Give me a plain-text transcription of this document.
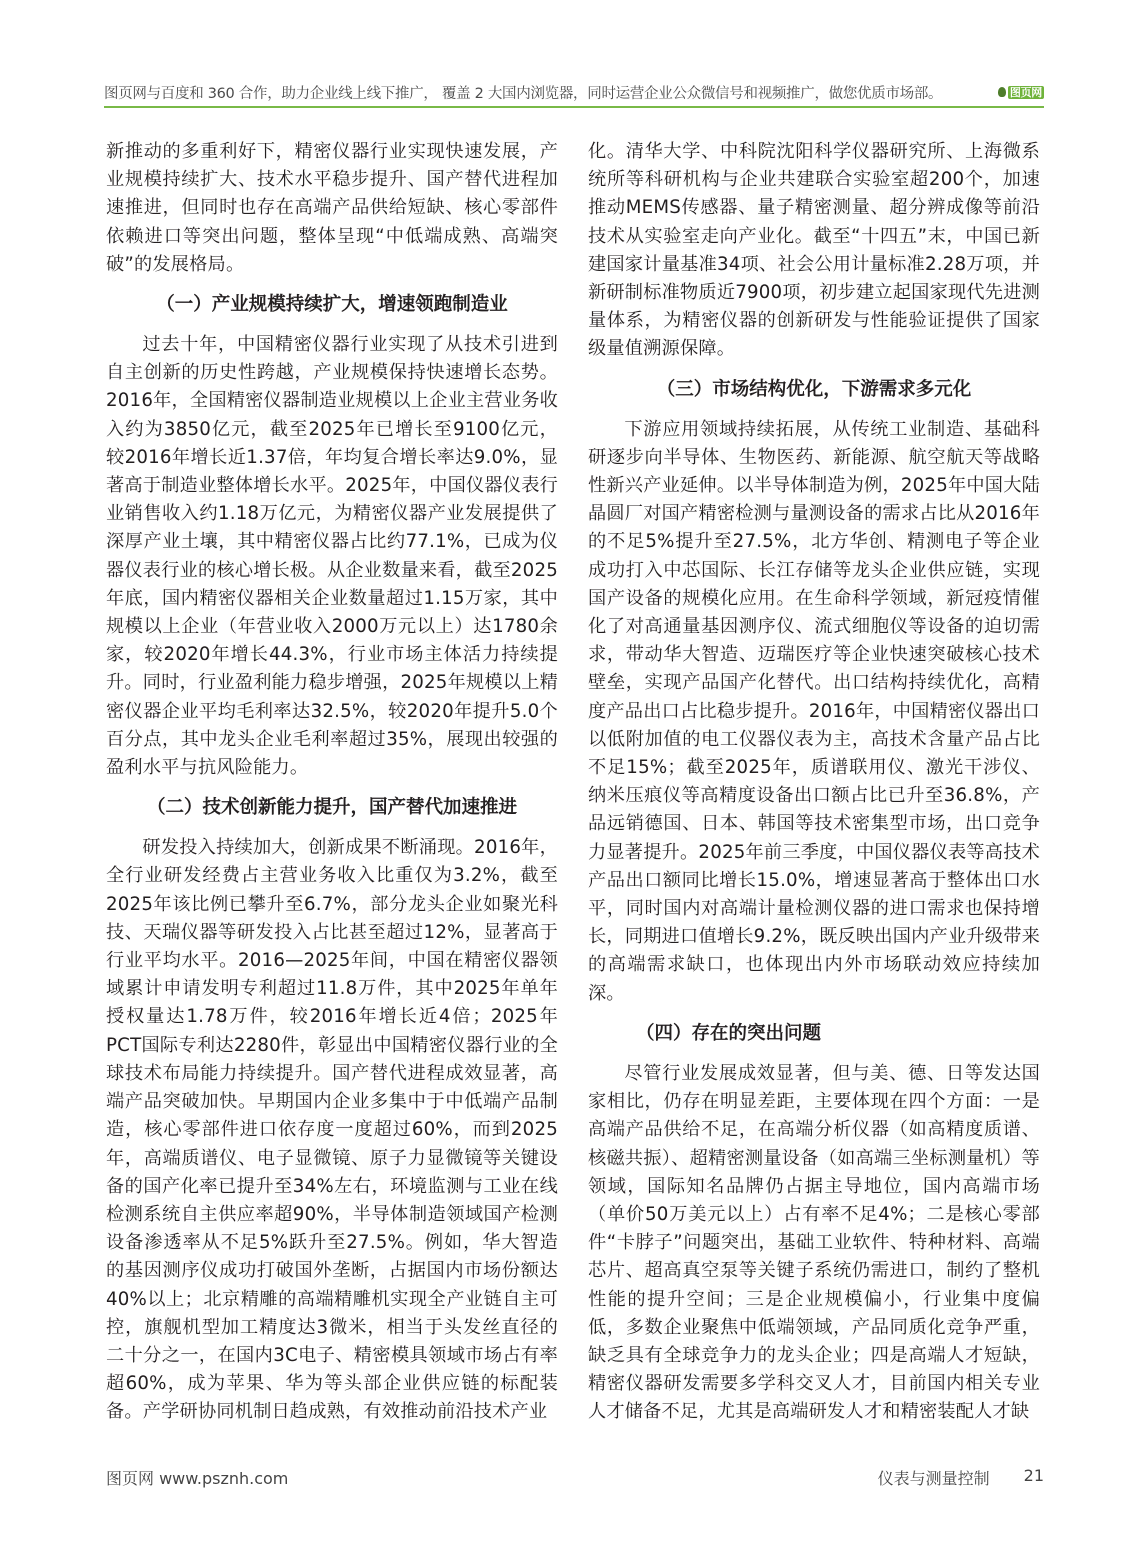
图页网与百度和 360 合作，助力企业线上线下推广， 覆盖 2 大国内浏览器，同时运营企业公众微信号和视频推广，做您优质市场部。	图页网

新推动的多重利好下，精密仪器行业实现快速发展，产业规模持续扩大、技术水平稳步提升、国产替代进程加速推进，但同时也存在高端产品供给短缺、核心零部件依赖进口等突出问题，整体呈现“中低端成熟、高端突破”的发展格局。

（一）产业规模持续扩大，增速领跑制造业

过去十年，中国精密仪器行业实现了从技术引进到自主创新的历史性跨越，产业规模保持快速增长态势。2016年，全国精密仪器制造业规模以上企业主营业务收入约为3850亿元，截至2025年已增长至9100亿元，较2016年增长近1.37倍，年均复合增长率达9.0%，显著高于制造业整体增长水平。2025年，中国仪器仪表行业销售收入约1.18万亿元，为精密仪器产业发展提供了深厚产业土壤，其中精密仪器占比约77.1%，已成为仪器仪表行业的核心增长极。从企业数量来看，截至2025年底，国内精密仪器相关企业数量超过1.15万家，其中规模以上企业（年营业收入2000万元以上）达1780余家，较2020年增长44.3%，行业市场主体活力持续提升。同时，行业盈利能力稳步增强，2025年规模以上精密仪器企业平均毛利率达32.5%，较2020年提升5.0个百分点，其中龙头企业毛利率超过35%，展现出较强的盈利水平与抗风险能力。

（二）技术创新能力提升，国产替代加速推进

研发投入持续加大，创新成果不断涌现。2016年，全行业研发经费占主营业务收入比重仅为3.2%，截至2025年该比例已攀升至6.7%，部分龙头企业如聚光科技、天瑞仪器等研发投入占比甚至超过12%，显著高于行业平均水平。2016—2025年间，中国在精密仪器领域累计申请发明专利超过11.8万件，其中2025年单年授权量达1.78万件，较2016年增长近4倍；2025年PCT国际专利达2280件，彰显出中国精密仪器行业的全球技术布局能力持续提升。国产替代进程成效显著，高端产品突破加快。早期国内企业多集中于中低端产品制造，核心零部件进口依存度一度超过60%，而到2025年，高端质谱仪、电子显微镜、原子力显微镜等关键设备的国产化率已提升至34%左右，环境监测与工业在线检测系统自主供应率超90%，半导体制造领域国产检测设备渗透率从不足5%跃升至27.5%。例如，华大智造的基因测序仪成功打破国外垄断，占据国内市场份额达40%以上；北京精雕的高端精雕机实现全产业链自主可控，旗舰机型加工精度达3微米，相当于头发丝直径的二十分之一，在国内3C电子、精密模具领域市场占有率超60%，成为苹果、华为等头部企业供应链的标配装备。产学研协同机制日趋成熟，有效推动前沿技术产业

化。清华大学、中科院沈阳科学仪器研究所、上海微系统所等科研机构与企业共建联合实验室超200个，加速推动MEMS传感器、量子精密测量、超分辨成像等前沿技术从实验室走向产业化。截至“十四五”末，中国已新建国家计量基准34项、社会公用计量标准2.28万项，并新研制标准物质近7900项，初步建立起国家现代先进测量体系，为精密仪器的创新研发与性能验证提供了国家级量值溯源保障。

（三）市场结构优化，下游需求多元化

下游应用领域持续拓展，从传统工业制造、基础科研逐步向半导体、生物医药、新能源、航空航天等战略性新兴产业延伸。以半导体制造为例，2025年中国大陆晶圆厂对国产精密检测与量测设备的需求占比从2016年的不足5%提升至27.5%，北方华创、精测电子等企业成功打入中芯国际、长江存储等龙头企业供应链，实现国产设备的规模化应用。在生命科学领域，新冠疫情催化了对高通量基因测序仪、流式细胞仪等设备的迫切需求，带动华大智造、迈瑞医疗等企业快速突破核心技术壁垒，实现产品国产化替代。出口结构持续优化，高精度产品出口占比稳步提升。2016年，中国精密仪器出口以低附加值的电工仪器仪表为主，高技术含量产品占比不足15%；截至2025年，质谱联用仪、激光干涉仪、纳米压痕仪等高精度设备出口额占比已升至36.8%，产品远销德国、日本、韩国等技术密集型市场，出口竞争力显著提升。2025年前三季度，中国仪器仪表等高技术产品出口额同比增长15.0%，增速显著高于整体出口水平，同时国内对高端计量检测仪器的进口需求也保持增长，同期进口值增长9.2%，既反映出国内产业升级带来的高端需求缺口，也体现出内外市场联动效应持续加深。

（四）存在的突出问题

尽管行业发展成效显著，但与美、德、日等发达国家相比，仍存在明显差距，主要体现在四个方面：一是高端产品供给不足，在高端分析仪器（如高精度质谱、核磁共振）、超精密测量设备（如高端三坐标测量机）等领域，国际知名品牌仍占据主导地位，国内高端市场（单价50万美元以上）占有率不足4%；二是核心零部件“卡脖子”问题突出，基础工业软件、特种材料、高端芯片、超高真空泵等关键子系统仍需进口，制约了整机性能的提升空间；三是企业规模偏小，行业集中度偏低，多数企业聚焦中低端领域，产品同质化竞争严重，缺乏具有全球竞争力的龙头企业；四是高端人才短缺，精密仪器研发需要多学科交叉人才，目前国内相关专业人才储备不足，尤其是高端研发人才和精密装配人才缺

图页网 www.psznh.com	仪表与测量控制 21
